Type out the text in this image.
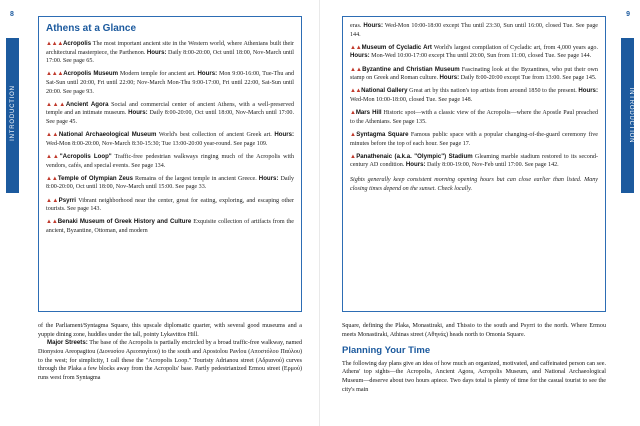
8
INTRODUCTION
Athens at a Glance
▲▲▲Acropolis The most important ancient site in the Western world, where Athenians built their architectural masterpiece, the Parthenon. Hours: Daily 8:00-20:00, Oct until 18:00, Nov-March until 17:00. See page 65.
▲▲▲Acropolis Museum Modern temple for ancient art. Hours: Mon 9:00-16:00, Tue-Thu and Sat-Sun until 20:00, Fri until 22:00; Nov-March Mon-Thu 9:00-17:00, Fri until 22:00, Sat-Sun until 20:00. See page 93.
▲▲▲Ancient Agora Social and commercial center of ancient Athens, with a well-preserved temple and an intimate museum. Hours: Daily 8:00-20:00, Oct until 18:00, Nov-March until 17:00. See page 45.
▲▲National Archaeological Museum World's best collection of ancient Greek art. Hours: Wed-Mon 8:00-20:00, Nov-March 8:30-15:30; Tue 13:00-20:00 year-round. See page 109.
▲▲"Acropolis Loop" Traffic-free pedestrian walkways ringing much of the Acropolis with vendors, cafés, and special events. See page 134.
▲▲Temple of Olympian Zeus Remains of the largest temple in ancient Greece. Hours: Daily 8:00-20:00, Oct until 18:00, Nov-March until 15:00. See page 33.
▲▲Psyrri Vibrant neighborhood near the center, great for eating, exploring, and escaping other tourists. See page 143.
▲▲Benaki Museum of Greek History and Culture Exquisite collection of artifacts from the ancient, Byzantine, Ottoman, and modern

of the Parliament/Syntagma Square, this upscale diplomatic quarter, with several good museums and a yuppie dining zone, huddles under the tall, pointy Lykavittos Hill.

Major Streets: The base of the Acropolis is partially encircled by a broad traffic-free walkway, named Dionysiou Areopagitou (Διονυσίου Αρεοπαγίτου) to the south and Apostolou Pavlou (Αποστόλου Παύλου) to the west; for simplicity, I call these the "Acropolis Loop." Touristy Adrianou street (Αδριανού) curves through the Plaka a few blocks away from the Acropolis' base. Partly pedestrianized Ermou street (Ερμού) runs west from Syntagma

9
INTRODUCTION
eras. Hours: Wed-Mon 10:00-18:00 except Thu until 23:30, Sun until 16:00, closed Tue. See page 144.
▲▲Museum of Cycladic Art World's largest compilation of Cycladic art, from 4,000 years ago. Hours: Mon-Wed 10:00-17:00 except Thu until 20:00, Sun from 11:00, closed Tue. See page 144.
▲▲Byzantine and Christian Museum Fascinating look at the Byzantines, who put their own stamp on Greek and Roman culture. Hours: Daily 8:00-20:00 except Tue from 13:00. See page 145.
▲▲National Gallery Great art by this nation's top artists from around 1850 to the present. Hours: Wed-Mon 10:00-18:00, closed Tue. See page 148.
▲Mars Hill Historic spot—with a classic view of the Acropolis—where the Apostle Paul preached to the Athenians. See page 135.
▲Syntagma Square Famous public space with a popular changing-of-the-guard ceremony five minutes before the top of each hour. See page 17.
▲Panathenaic (a.k.a. "Olympic") Stadium Gleaming marble stadium restored to its second-century AD condition. Hours: Daily 8:00-19:00, Nov-Feb until 17:00. See page 142.
Sights generally keep consistent morning opening hours but can close earlier than listed. Many closing times depend on the sunset. Check locally.

Square, defining the Plaka, Monastiraki, and Thissio to the south and Psyrri to the north. Where Ermou meets Monastiraki, Athinas street (Αθηνάς) heads north to Omonia Square.

Planning Your Time

The following day plans give an idea of how much an organized, motivated, and caffeinated person can see. Athens' top sights—the Acropolis, Ancient Agora, Acropolis Museum, and National Archaeological Museum—deserve about two hours apiece. Two days total is plenty of time for the casual tourist to see the city's main
